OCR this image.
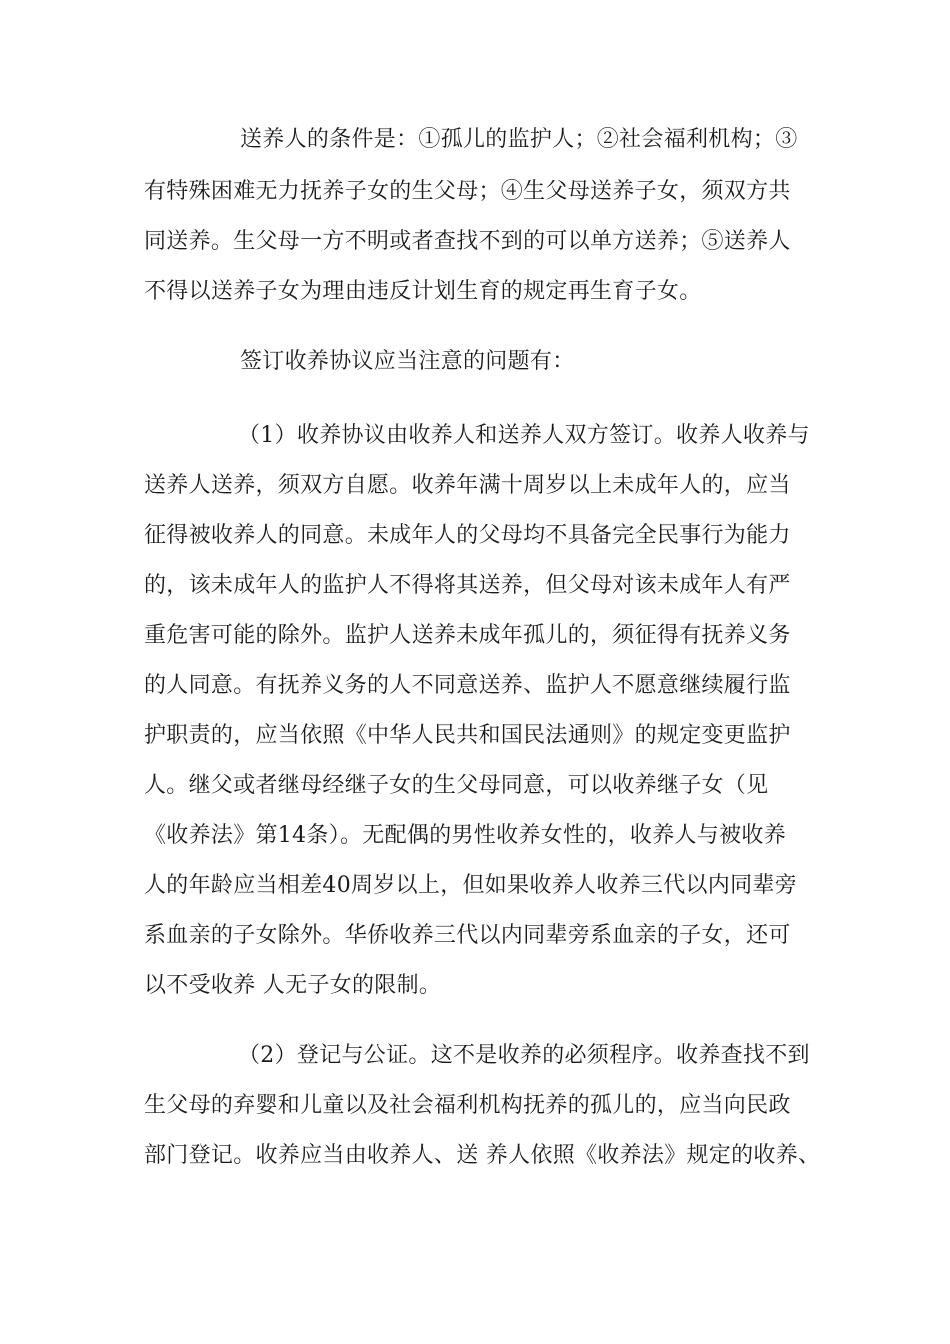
送养人的条件是：①孤儿的监护人；②社会福利机构；③
有特殊困难无力抚养子女的生父母；④生父母送养子女，须双方共
同送养。生父母一方不明或者查找不到的可以单方送养；⑤送养人
不得以送养子女为理由违反计划生育的规定再生育子女。
签订收养协议应当注意的问题有：
（1）收养协议由收养人和送养人双方签订。收养人收养与
送养人送养，须双方自愿。收养年满十周岁以上未成年人的，应当
征得被收养人的同意。未成年人的父母均不具备完全民事行为能力
的，该未成年人的监护人不得将其送养，但父母对该未成年人有严
重危害可能的除外。监护人送养未成年孤儿的，须征得有抚养义务
的人同意。有抚养义务的人不同意送养、监护人不愿意继续履行监
护职责的，应当依照《中华人民共和国民法通则》的规定变更监护
人。继父或者继母经继子女的生父母同意，可以收养继子女（见
《收养法》第14条）。无配偶的男性收养女性的，收养人与被收养
人的年龄应当相差40周岁以上，但如果收养人收养三代以内同辈旁
系血亲的子女除外。华侨收养三代以内同辈旁系血亲的子女，还可
以不受收养 人无子女的限制。
（2）登记与公证。这不是收养的必须程序。收养查找不到
生父母的弃婴和儿童以及社会福利机构抚养的孤儿的，应当向民政
部门登记。收养应当由收养人、送 养人依照《收养法》规定的收养、
